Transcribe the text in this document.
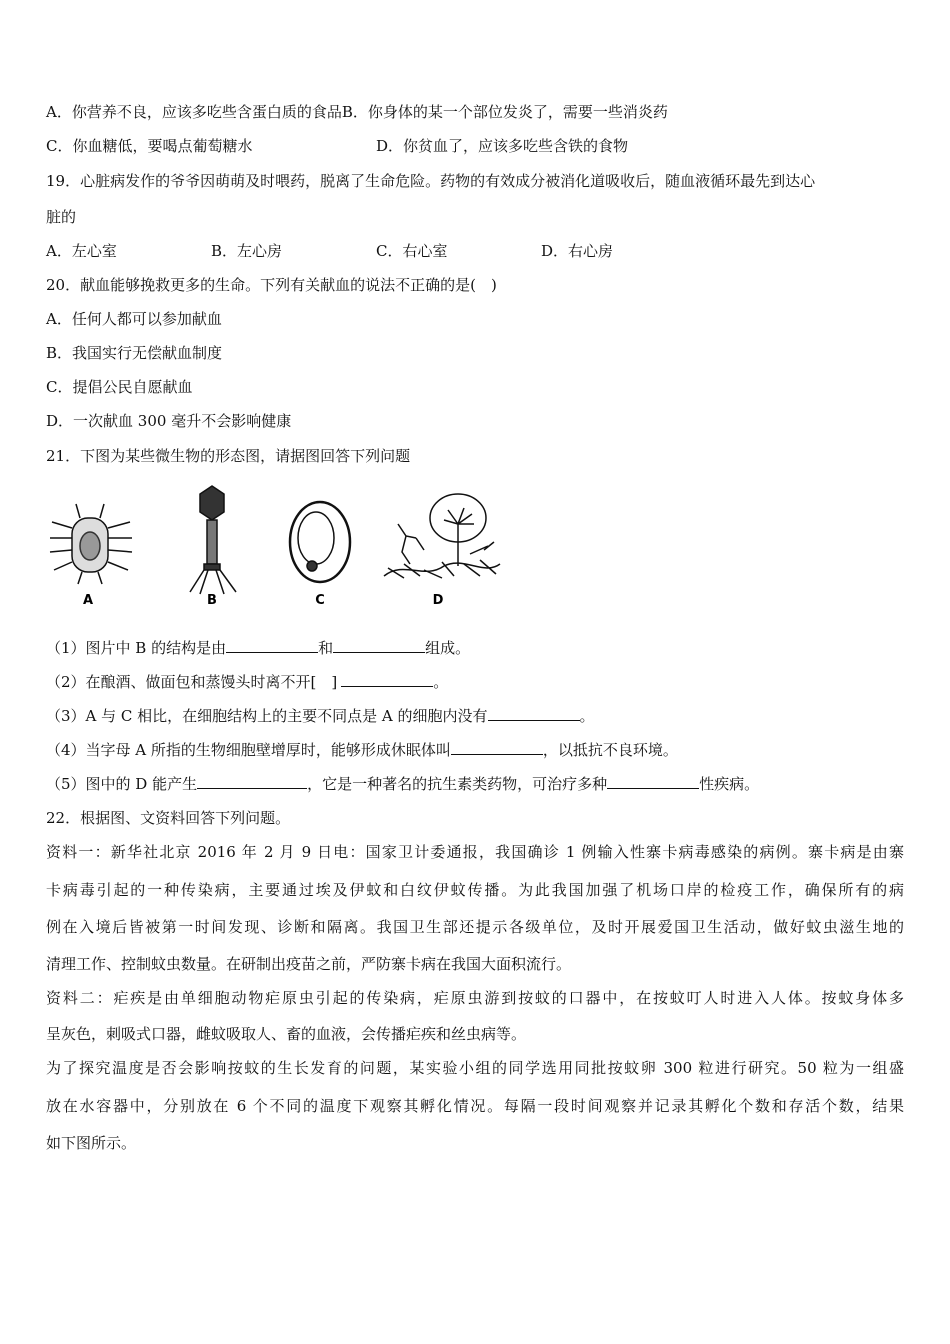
A．你营养不良，应该多吃些含蛋白质的食品B．你身体的某一个部位发炎了，需要一些消炎药
C．你血糖低，要喝点葡萄糖水	D．你贫血了，应该多吃些含铁的食物
19．心脏病发作的爷爷因萌萌及时喂药，脱离了生命危险。药物的有效成分被消化道吸收后，随血液循环最先到达心
脏的
A．左心室	B．左心房	C．右心室	D．右心房
20．献血能够挽救更多的生命。下列有关献血的说法不正确的是(　)
A．任何人都可以参加献血
B．我国实行无偿献血制度
C．提倡公民自愿献血
D．一次献血 300 毫升不会影响健康
21．下图为某些微生物的形态图，请据图回答下列问题
A	B	C	D
（1）图片中 B 的结构是由	和	组成。
（2）在酿酒、做面包和蒸馒头时离不开[　]	。
（3）A 与 C 相比，在细胞结构上的主要不同点是 A 的细胞内没有	。
（4）当字母 A 所指的生物细胞壁增厚时，能够形成休眠体叫	，以抵抗不良环境。
（5）图中的 D 能产生	，它是一种著名的抗生素类药物，可治疗多种	性疾病。
22．根据图、文资料回答下列问题。
资料一：新华社北京 2016 年 2 月 9 日电：国家卫计委通报，我国确诊 1 例输入性寨卡病毒感染的病例。寨卡病是由寨
卡病毒引起的一种传染病，主要通过埃及伊蚊和白纹伊蚊传播。为此我国加强了机场口岸的检疫工作，确保所有的病
例在入境后皆被第一时间发现、诊断和隔离。我国卫生部还提示各级单位，及时开展爱国卫生活动，做好蚊虫滋生地的
清理工作、控制蚊虫数量。在研制出疫苗之前，严防寨卡病在我国大面积流行。
资料二：疟疾是由单细胞动物疟原虫引起的传染病，疟原虫游到按蚊的口器中，在按蚊叮人时进入人体。按蚊身体多
呈灰色，刺吸式口器，雌蚊吸取人、畜的血液，会传播疟疾和丝虫病等。
为了探究温度是否会影响按蚊的生长发育的问题，某实验小组的同学选用同批按蚊卵 300 粒进行研究。50 粒为一组盛
放在水容器中，分别放在 6 个不同的温度下观察其孵化情况。每隔一段时间观察并记录其孵化个数和存活个数，结果
如下图所示。
